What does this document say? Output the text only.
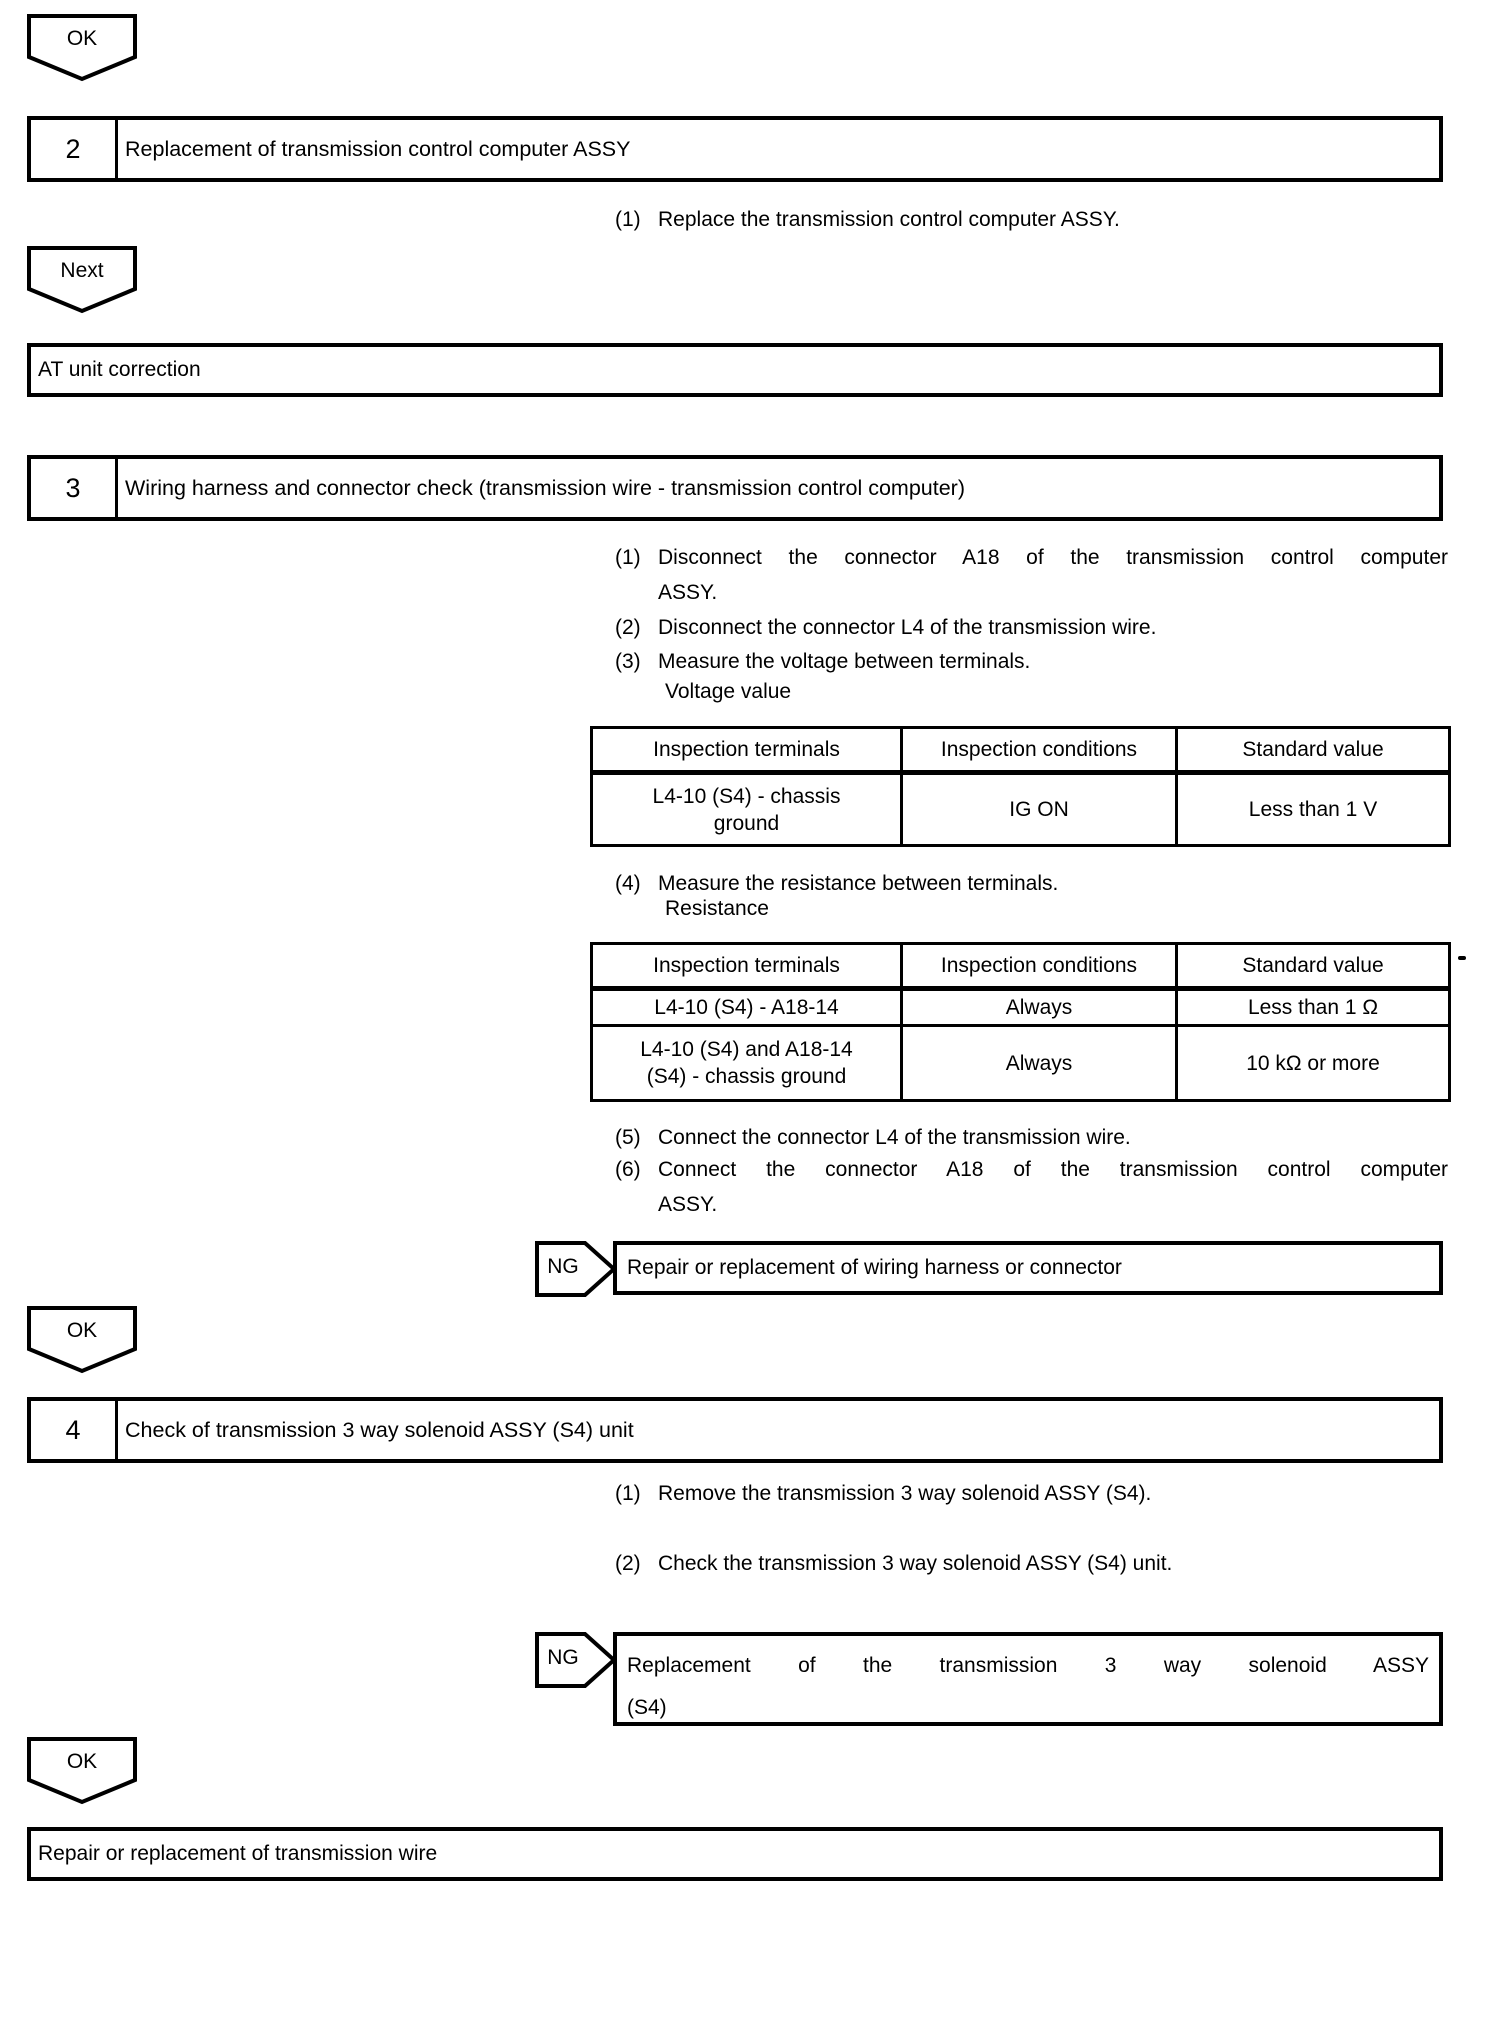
OK
2	Replacement of transmission control computer ASSY
(1) Replace the transmission control computer ASSY.
Next
AT unit correction
3	Wiring harness and connector check (transmission wire - transmission control computer)
(1) Disconnect the connector A18 of the transmission control computer
ASSY.
(2) Disconnect the connector L4 of the transmission wire.
(3) Measure the voltage between terminals.
Voltage value
Inspection terminals	Inspection conditions	Standard value
L4-10 (S4) - chassis ground	IG ON	Less than 1 V
(4) Measure the resistance between terminals.
Resistance
Inspection terminals	Inspection conditions	Standard value
L4-10 (S4) - A18-14	Always	Less than 1 Ω
L4-10 (S4) and A18-14 (S4) - chassis ground	Always	10 kΩ or more
(5) Connect the connector L4 of the transmission wire.
(6) Connect the connector A18 of the transmission control computer
ASSY.
NG	Repair or replacement of wiring harness or connector
OK
4	Check of transmission 3 way solenoid ASSY (S4) unit
(1) Remove the transmission 3 way solenoid ASSY (S4).
(2) Check the transmission 3 way solenoid ASSY (S4) unit.
NG	Replacement of the transmission 3 way solenoid ASSY
(S4)
OK
Repair or replacement of transmission wire
